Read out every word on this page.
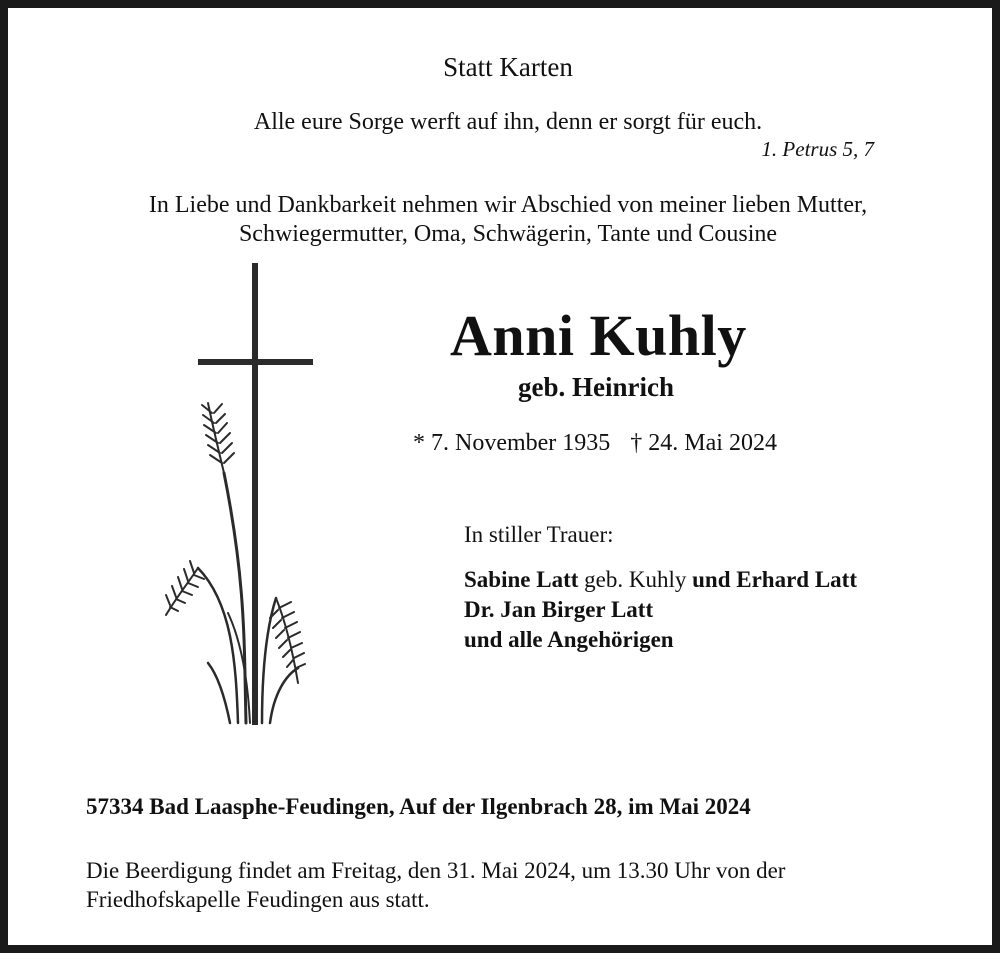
Statt Karten
Alle eure Sorge werft auf ihn, denn er sorgt für euch.
1. Petrus 5, 7
In Liebe und Dankbarkeit nehmen wir Abschied von meiner lieben Mutter,
Schwiegermutter, Oma, Schwägerin, Tante und Cousine
Anni Kuhly
geb. Heinrich
* 7. November 1935 † 24. Mai 2024
In stiller Trauer:
Sabine Latt geb. Kuhly und Erhard Latt
Dr. Jan Birger Latt
und alle Angehörigen
57334 Bad Laasphe-Feudingen, Auf der Ilgenbrach 28, im Mai 2024
Die Beerdigung findet am Freitag, den 31. Mai 2024, um 13.30 Uhr von der
Friedhofskapelle Feudingen aus statt.
